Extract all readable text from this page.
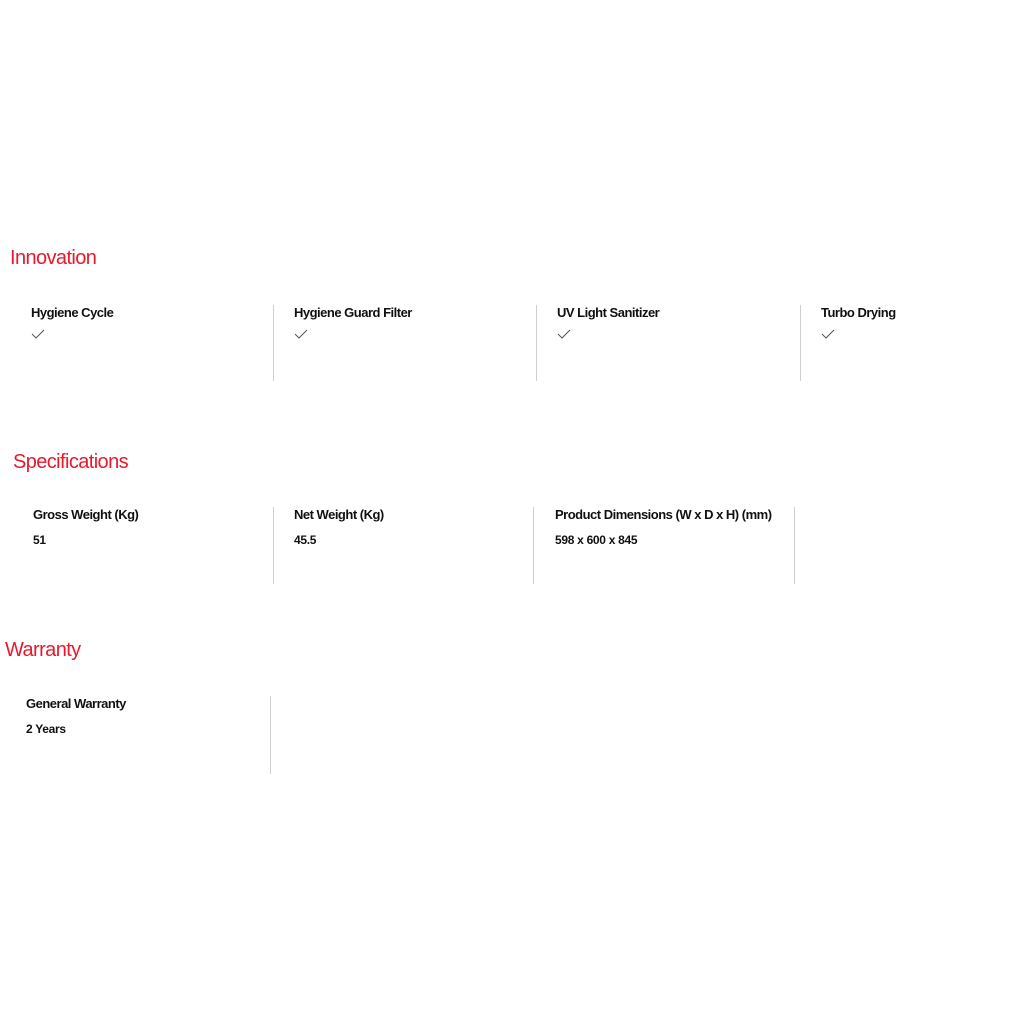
Innovation
Hygiene Cycle	Hygiene Guard Filter	UV Light Sanitizer	Turbo Drying
Specifications
Gross Weight (Kg)
51
Net Weight (Kg)
45.5
Product Dimensions (W x D x H) (mm)
598 x 600 x 845
Warranty
General Warranty
2 Years
